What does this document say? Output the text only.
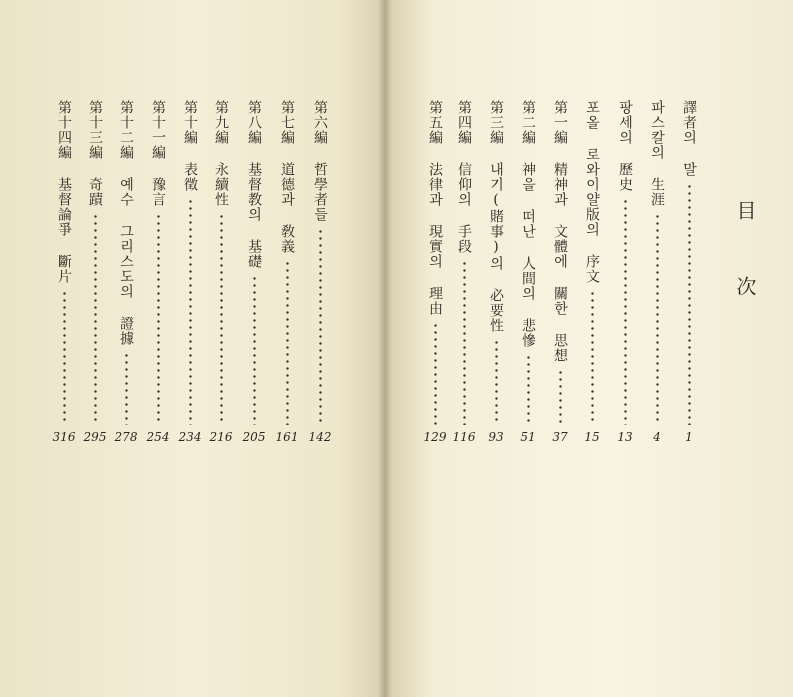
第六編 哲學者들
142
第七編 道德과 敎義
161
第八編 基督教의 基礎
205
第九編 永續性
216
第十編 表徵
234
第十一編 豫言
254
第十二編 예수 그리스도의 證據
278
第十三編 奇蹟
295
第十四編 基督論爭 斷片
316
譯者의 말
1
파스칼의 生涯
4
팡세의 歷史
13
포올 로와이얄版의 序文
15
第一編 精神과 文體에 關한 思想
37
第二編 神을 떠난 人間의 悲慘
51
第三編 내기(賭事)의 必要性
93
第四編 信仰의 手段
116
第五編 法律과 現實의 理由
129
目 次
